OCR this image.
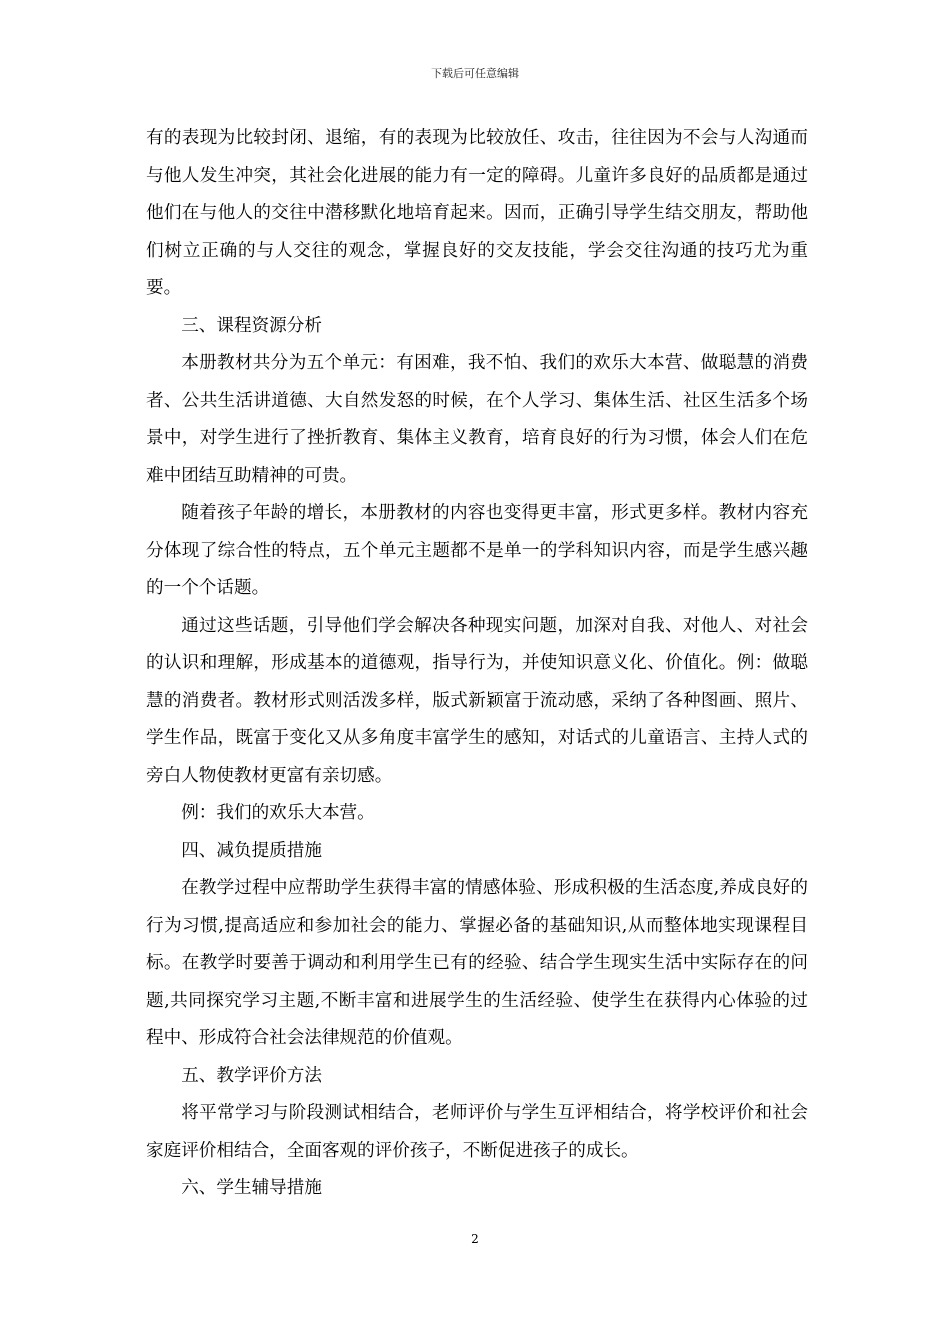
下载后可任意编辑

有的表现为比较封闭、退缩，有的表现为比较放任、攻击，往往因为不会与人沟通而与他人发生冲突，其社会化进展的能力有一定的障碍。儿童许多良好的品质都是通过他们在与他人的交往中潜移默化地培育起来。因而，正确引导学生结交朋友，帮助他们树立正确的与人交往的观念，掌握良好的交友技能，学会交往沟通的技巧尤为重要。

三、课程资源分析

本册教材共分为五个单元：有困难，我不怕、我们的欢乐大本营、做聪慧的消费者、公共生活讲道德、大自然发怒的时候，在个人学习、集体生活、社区生活多个场景中，对学生进行了挫折教育、集体主义教育，培育良好的行为习惯，体会人们在危难中团结互助精神的可贵。

随着孩子年龄的增长，本册教材的内容也变得更丰富，形式更多样。教材内容充分体现了综合性的特点，五个单元主题都不是单一的学科知识内容，而是学生感兴趣的一个个话题。

通过这些话题，引导他们学会解决各种现实问题，加深对自我、对他人、对社会的认识和理解，形成基本的道德观，指导行为，并使知识意义化、价值化。例：做聪慧的消费者。教材形式则活泼多样，版式新颖富于流动感，采纳了各种图画、照片、学生作品，既富于变化又从多角度丰富学生的感知，对话式的儿童语言、主持人式的旁白人物使教材更富有亲切感。

例：我们的欢乐大本营。

四、减负提质措施

在教学过程中应帮助学生获得丰富的情感体验、形成积极的生活态度,养成良好的行为习惯,提高适应和参加社会的能力、掌握必备的基础知识,从而整体地实现课程目标。在教学时要善于调动和利用学生已有的经验、结合学生现实生活中实际存在的问题,共同探究学习主题,不断丰富和进展学生的生活经验、使学生在获得内心体验的过程中、形成符合社会法律规范的价值观。

五、教学评价方法

将平常学习与阶段测试相结合，老师评价与学生互评相结合，将学校评价和社会家庭评价相结合，全面客观的评价孩子，不断促进孩子的成长。

六、学生辅导措施

2
